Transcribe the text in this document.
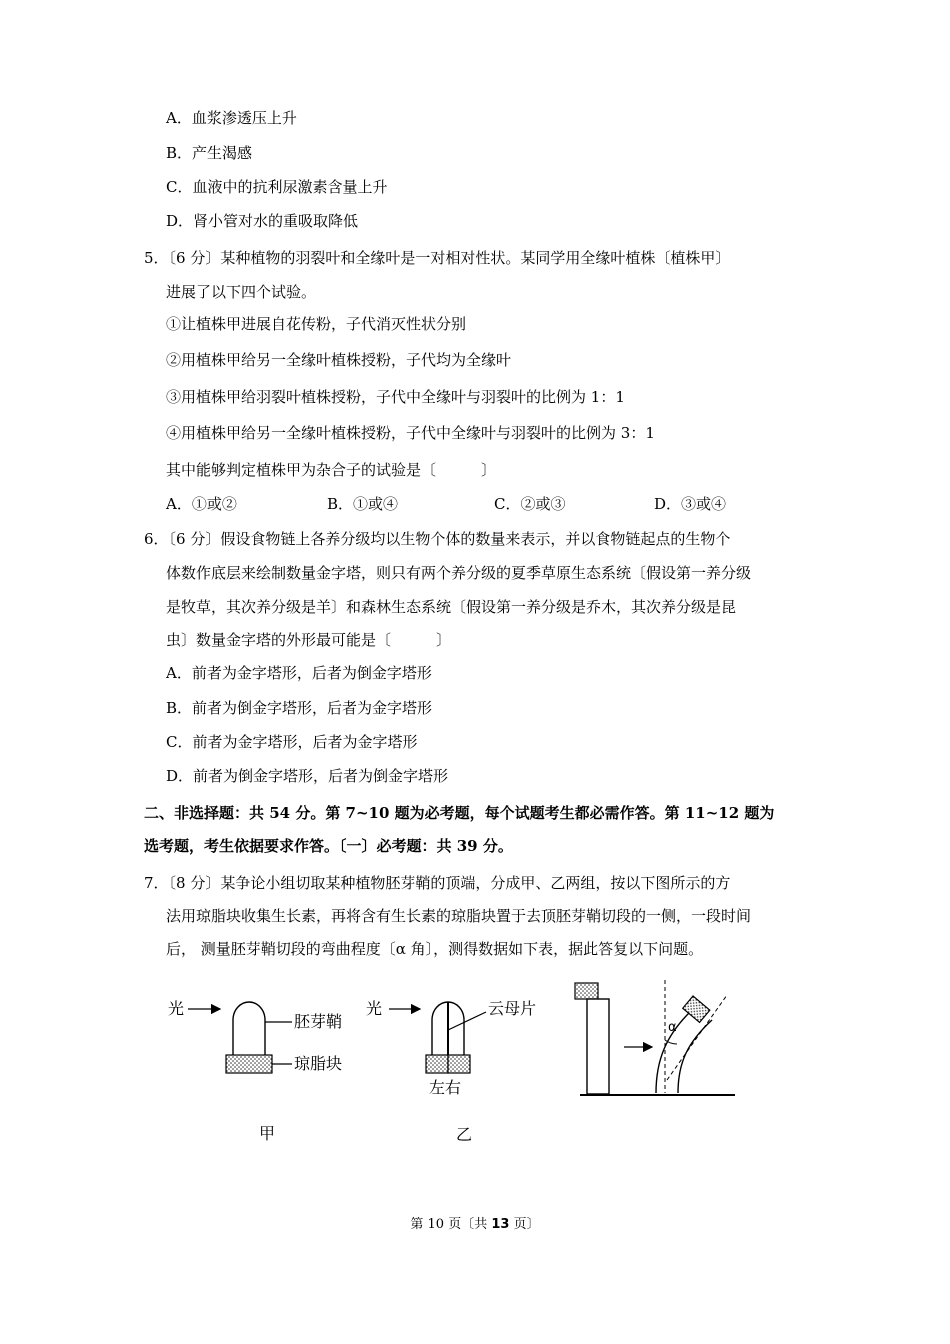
A．血浆渗透压上升
B．产生渴感
C．血液中的抗利尿激素含量上升
D．肾小管对水的重吸取降低
5．〔6 分〕某种植物的羽裂叶和全缘叶是一对相对性状。某同学用全缘叶植株〔植株甲〕
进展了以下四个试验。
①让植株甲进展自花传粉，子代消灭性状分别
②用植株甲给另一全缘叶植株授粉，子代均为全缘叶
③用植株甲给羽裂叶植株授粉，子代中全缘叶与羽裂叶的比例为 1：1
④用植株甲给另一全缘叶植株授粉，子代中全缘叶与羽裂叶的比例为 3：1
其中能够判定植株甲为杂合子的试验是〔　　　〕
A．①或②	B．①或④	C．②或③	D．③或④
6．〔6 分〕假设食物链上各养分级均以生物个体的数量来表示，并以食物链起点的生物个
体数作底层来绘制数量金字塔，则只有两个养分级的夏季草原生态系统〔假设第一养分级
是牧草，其次养分级是羊〕和森林生态系统〔假设第一养分级是乔木，其次养分级是昆
虫〕数量金字塔的外形最可能是〔　　　〕
A．前者为金字塔形，后者为倒金字塔形
B．前者为倒金字塔形，后者为金字塔形
C．前者为金字塔形，后者为金字塔形
D．前者为倒金字塔形，后者为倒金字塔形
二、非选择题：共 54 分。第 7~10 题为必考题，每个试题考生都必需作答。第 11~12 题为
选考题，考生依据要求作答。〔一〕必考题：共 39 分。
7．〔8 分〕某争论小组切取某种植物胚芽鞘的顶端，分成甲、乙两组，按以下图所示的方
法用琼脂块收集生长素，再将含有生长素的琼脂块置于去顶胚芽鞘切段的一侧，一段时间
后， 测量胚芽鞘切段的弯曲程度〔α 角〕，测得数据如下表，据此答复以下问题。
光
胚芽鞘
琼脂块
光	云母片
左右
甲	乙
α
第 10 页〔共 13 页〕
